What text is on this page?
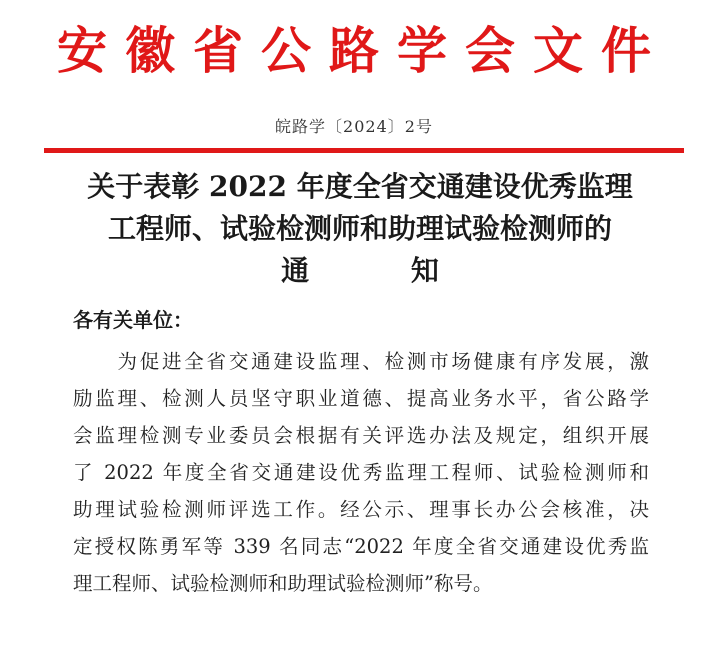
安徽省公路学会文件
皖路学〔2024〕2号
关于表彰 2022 年度全省交通建设优秀监理
工程师、试验检测师和助理试验检测师的
通 知
各有关单位：
　　为促进全省交通建设监理、检测市场健康有序发展，激
励监理、检测人员坚守职业道德、提高业务水平，省公路学
会监理检测专业委员会根据有关评选办法及规定，组织开展
了 2022 年度全省交通建设优秀监理工程师、试验检测师和
助理试验检测师评选工作。经公示、理事长办公会核准，决
定授权陈勇军等 339 名同志“2022 年度全省交通建设优秀监
理工程师、试验检测师和助理试验检测师”称号。
